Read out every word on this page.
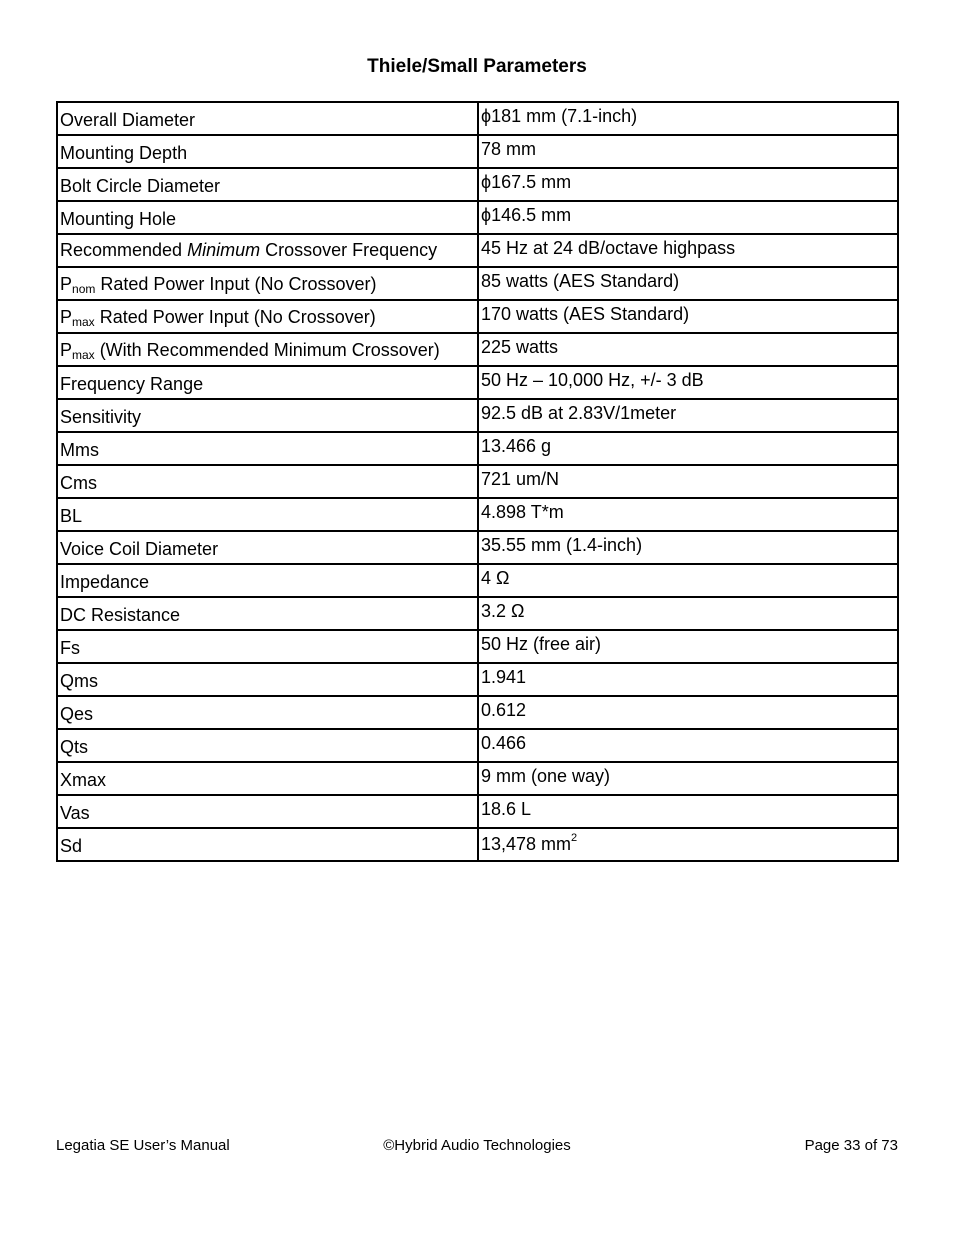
Thiele/Small Parameters
Overall Diameter	ϕ181 mm (7.1-inch)
Mounting Depth	78 mm
Bolt Circle Diameter	ϕ167.5 mm
Mounting Hole	ϕ146.5 mm
Recommended Minimum Crossover Frequency	45 Hz at 24 dB/octave highpass
$P_{nom}$ Rated Power Input (No Crossover)	85 watts (AES Standard)
$P_{max}$ Rated Power Input (No Crossover)	170 watts (AES Standard)
$P_{max}$ (With Recommended Minimum Crossover)	225 watts
Frequency Range	50 Hz – 10,000 Hz, +/- 3 dB
Sensitivity	92.5 dB at 2.83V/1meter
Mms	13.466 g
Cms	721 um/N
BL	4.898 T*m
Voice Coil Diameter	35.55 mm (1.4-inch)
Impedance	4 Ω
DC Resistance	3.2 Ω
Fs	50 Hz (free air)
Qms	1.941
Qes	0.612
Qts	0.466
Xmax	9 mm (one way)
Vas	18.6 L
Sd	13,478 $mm^2$
Legatia SE User’s Manual	©Hybrid Audio Technologies	Page 33 of 73
